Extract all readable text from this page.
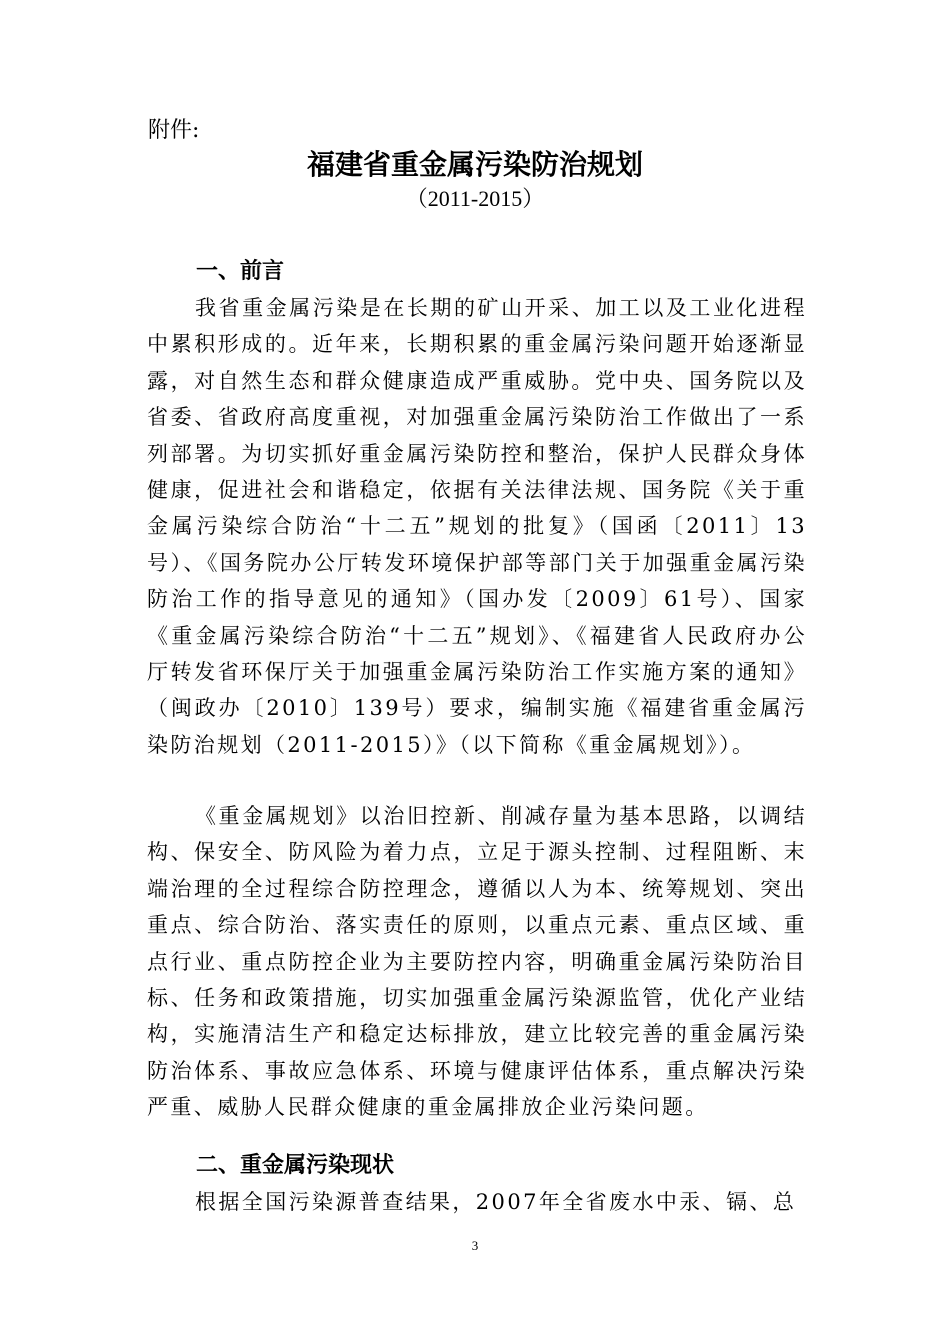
附件:
福建省重金属污染防治规划
（2011-2015）
一、前言

我省重金属污染是在长期的矿山开采、加工以及工业化进程中累积形成的。近年来，长期积累的重金属污染问题开始逐渐显露，对自然生态和群众健康造成严重威胁。党中央、国务院以及省委、省政府高度重视，对加强重金属污染防治工作做出了一系列部署。为切实抓好重金属污染防控和整治，保护人民群众身体健康，促进社会和谐稳定，依据有关法律法规、国务院《关于重金属污染综合防治“十二五”规划的批复》（国函〔2011〕13号）、《国务院办公厅转发环境保护部等部门关于加强重金属污染防治工作的指导意见的通知》（国办发〔2009〕61号）、国家《重金属污染综合防治“十二五”规划》、《福建省人民政府办公厅转发省环保厅关于加强重金属污染防治工作实施方案的通知》（闽政办〔2010〕139号）要求，编制实施《福建省重金属污染防治规划（2011-2015）》（以下简称《重金属规划》）。

《重金属规划》以治旧控新、削减存量为基本思路，以调结构、保安全、防风险为着力点，立足于源头控制、过程阻断、末端治理的全过程综合防控理念，遵循以人为本、统筹规划、突出重点、综合防治、落实责任的原则，以重点元素、重点区域、重点行业、重点防控企业为主要防控内容，明确重金属污染防治目标、任务和政策措施，切实加强重金属污染源监管，优化产业结构，实施清洁生产和稳定达标排放，建立比较完善的重金属污染防治体系、事故应急体系、环境与健康评估体系，重点解决污染严重、威胁人民群众健康的重金属排放企业污染问题。

二、重金属污染现状

根据全国污染源普查结果，2007年全省废水中汞、镉、总

3
